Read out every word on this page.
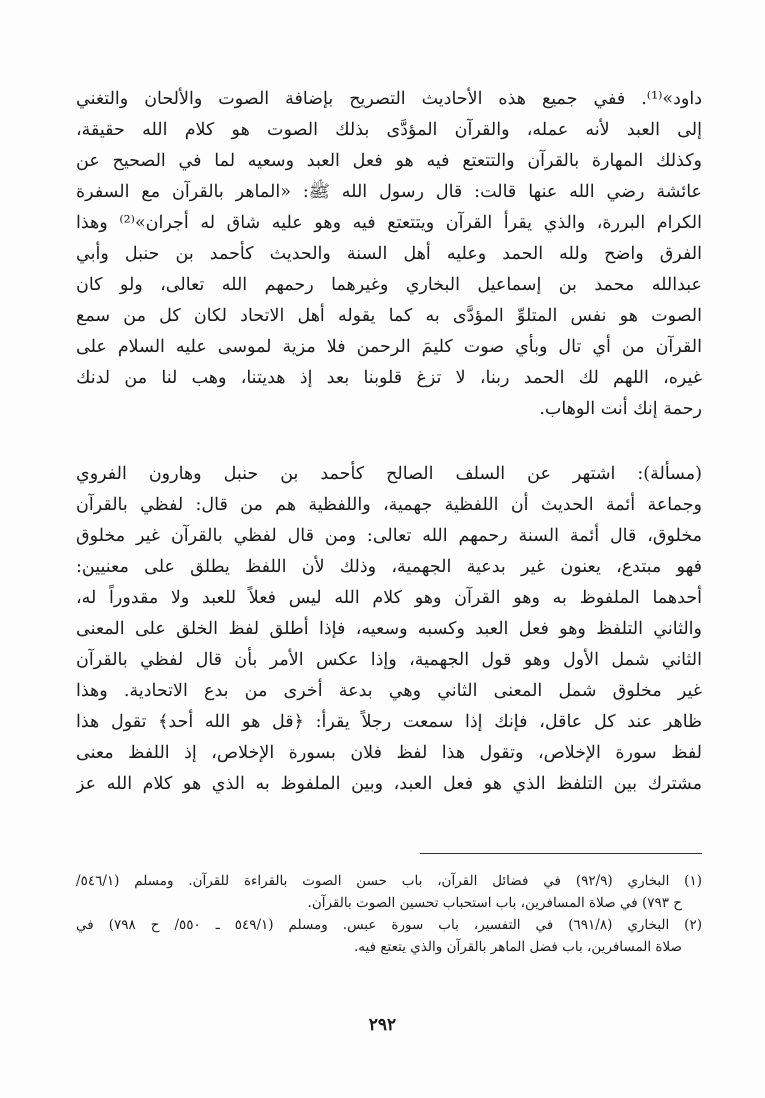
داود»⁽¹⁾. ففي جميع هذه الأحاديث التصريح بإضافة الصوت والألحان والتغني
إلى العبد لأنه عمله، والقرآن المؤدَّى بذلك الصوت هو كلام الله حقيقة،
وكذلك المهارة بالقرآن والتتعتع فيه هو فعل العبد وسعيه لما في الصحيح عن
عائشة رضي الله عنها قالت: قال رسول الله ﷺ: «الماهر بالقرآن مع السفرة
الكرام البررة، والذي يقرأ القرآن ويتتعتع فيه وهو عليه شاق له أجران»⁽²⁾ وهذا
الفرق واضح ولله الحمد وعليه أهل السنة والحديث كأحمد بن حنبل وأبي
عبدالله محمد بن إسماعيل البخاري وغيرهما رحمهم الله تعالى، ولو كان
الصوت هو نفس المتلوِّ المؤدَّى به كما يقوله أهل الاتحاد لكان كل من سمع
القرآن من أي تال وبأي صوت كليمَ الرحمن فلا مزية لموسى عليه السلام على
غيره، اللهم لك الحمد ربنا، لا تزغ قلوبنا بعد إذ هديتنا، وهب لنا من لدنك
رحمة إنك أنت الوهاب.
(مسألة): اشتهر عن السلف الصالح كأحمد بن حنبل وهارون الفروي
وجماعة أئمة الحديث أن اللفظية جهمية، واللفظية هم من قال: لفظي بالقرآن
مخلوق، قال أئمة السنة رحمهم الله تعالى: ومن قال لفظي بالقرآن غير مخلوق
فهو مبتدع، يعنون غير بدعية الجهمية، وذلك لأن اللفظ يطلق على معنيين:
أحدهما الملفوظ به وهو القرآن وهو كلام الله ليس فعلاً للعبد ولا مقدوراً له،
والثاني التلفظ وهو فعل العبد وكسبه وسعيه، فإذا أطلق لفظ الخلق على المعنى
الثاني شمل الأول وهو قول الجهمية، وإذا عكس الأمر بأن قال لفظي بالقرآن
غير مخلوق شمل المعنى الثاني وهي بدعة أخرى من بدع الاتحادية. وهذا
ظاهر عند كل عاقل، فإنك إذا سمعت رجلاً يقرأ: ﴿قل هو الله أحد﴾ تقول هذا
لفظ سورة الإخلاص، وتقول هذا لفظ فلان بسورة الإخلاص، إذ اللفظ معنى
مشترك بين التلفظ الذي هو فعل العبد، وبين الملفوظ به الذي هو كلام الله عز
(١) البخاري (٩٢/٩) في فضائل القرآن، باب حسن الصوت بالقراءة للقرآن. ومسلم (٥٤٦/١/
ح ٧٩٣) في صلاة المسافرين، باب استحباب تحسين الصوت بالقرآن.
(٢) البخاري (٦٩١/٨) في التفسير، باب سورة عبس. ومسلم (٥٤٩/١ ـ ٥٥٠/ ح ٧٩٨) في
صلاة المسافرين، باب فضل الماهر بالقرآن والذي يتعتع فيه.
٢٩٢
